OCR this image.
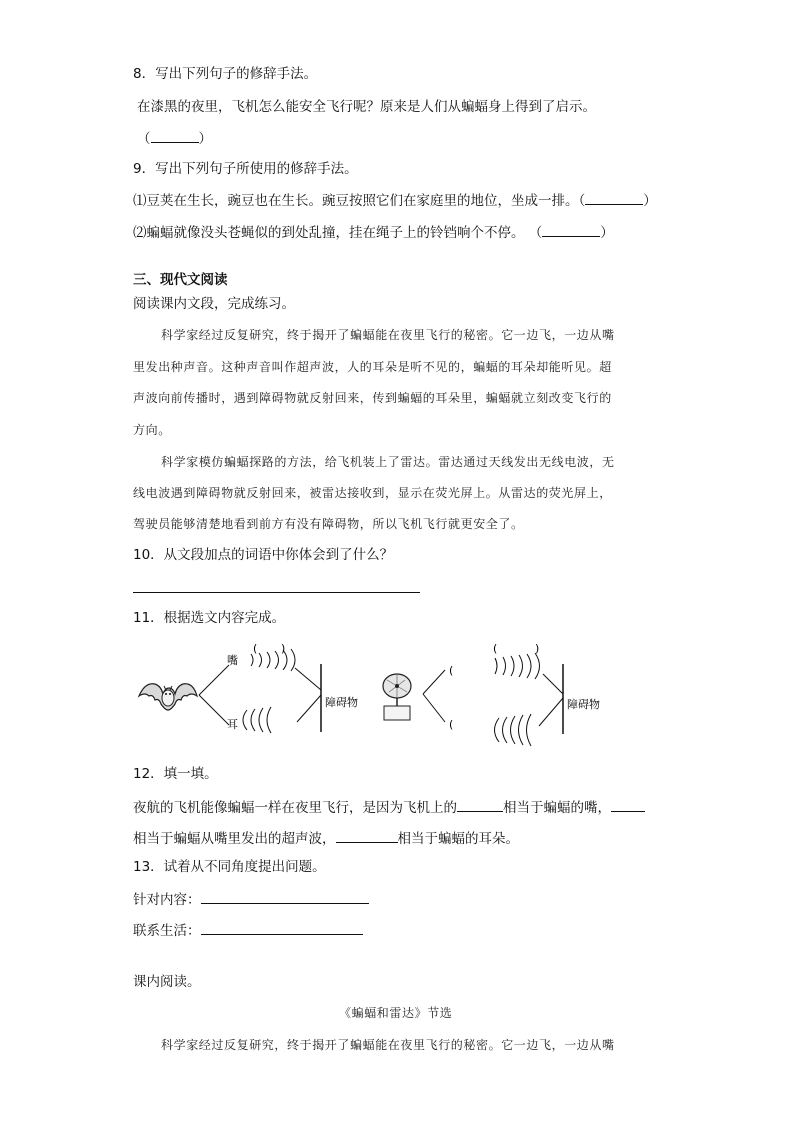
8．写出下列句子的修辞手法。
在漆黑的夜里，飞机怎么能安全飞行呢？原来是人们从蝙蝠身上得到了启示。
（	）
9．写出下列句子所使用的修辞手法。
⑴豆荚在生长，豌豆也在生长。豌豆按照它们在家庭里的地位，坐成一排。（	）
⑵蝙蝠就像没头苍蝇似的到处乱撞，挂在绳子上的铃铛响个不停。 （	）
三、现代文阅读
阅读课内文段，完成练习。
科学家经过反复研究，终于揭开了蝙蝠能在夜里飞行的秘密。它一边飞，一边从嘴
里发出种声音。这种声音叫作超声波，人的耳朵是听不见的，蝙蝠的耳朵却能听见。超
声波向前传播时，遇到障碍物就反射回来，传到蝙蝠的耳朵里，蝙蝠就立刻改变飞行的
方向。
科学家模仿蝙蝠探路的方法，给飞机装上了雷达。雷达通过天线发出无线电波，无
线电波遇到障碍物就反射回来，被雷达接收到，显示在荧光屏上。从雷达的荧光屏上，
驾驶员能够清楚地看到前方有没有障碍物，所以飞机飞行就更安全了。
10．从文段加点的词语中你体会到了什么？
11．根据选文内容完成。
嘴
耳
( )
障碍物
(
(
(	)
障碍物
12．填一填。
夜航的飞机能像蝙蝠一样在夜里飞行，是因为飞机上的	相当于蝙蝠的嘴，
相当于蝙蝠从嘴里发出的超声波，	相当于蝙蝠的耳朵。
13．试着从不同角度提出问题。
针对内容：
联系生活：
课内阅读。
《蝙蝠和雷达》节选
科学家经过反复研究，终于揭开了蝙蝠能在夜里飞行的秘密。它一边飞，一边从嘴
